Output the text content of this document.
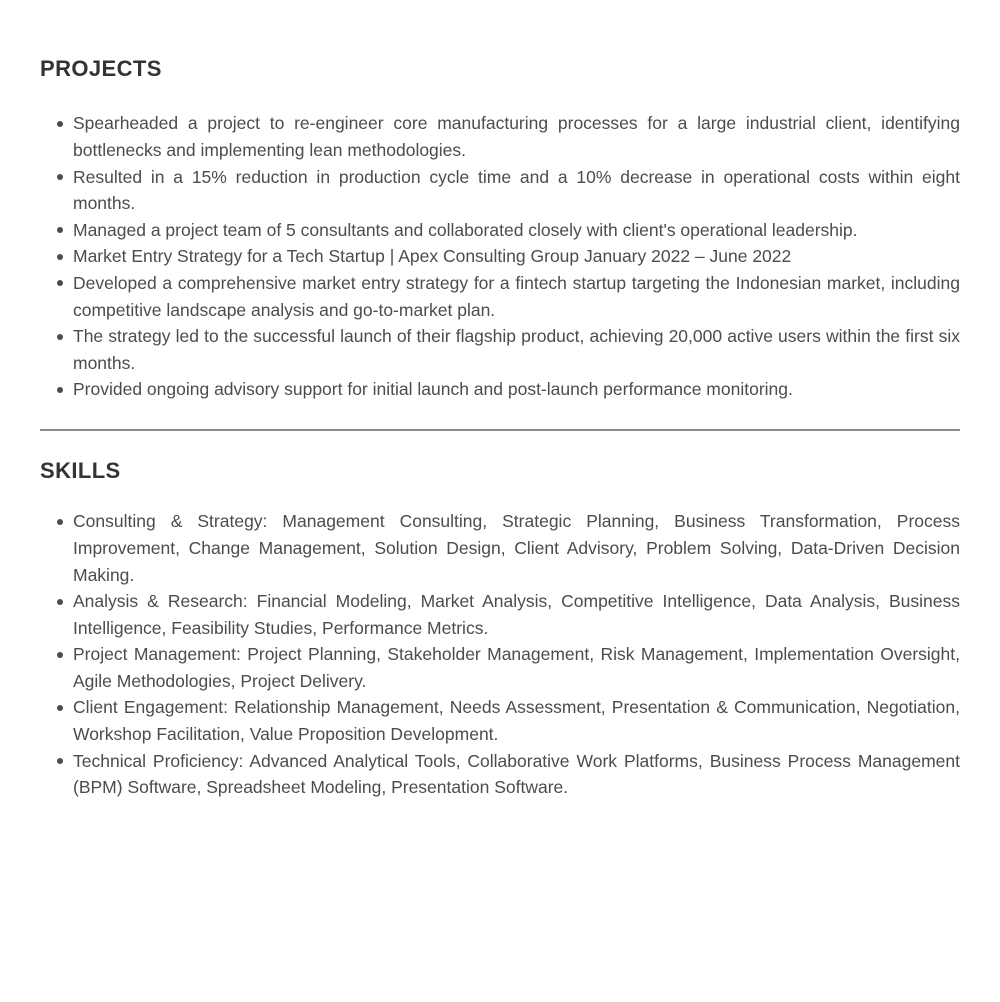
PROJECTS
Spearheaded a project to re-engineer core manufacturing processes for a large industrial client, identifying bottlenecks and implementing lean methodologies.
Resulted in a 15% reduction in production cycle time and a 10% decrease in operational costs within eight months.
Managed a project team of 5 consultants and collaborated closely with client's operational leadership.
Market Entry Strategy for a Tech Startup | Apex Consulting Group January 2022 – June 2022
Developed a comprehensive market entry strategy for a fintech startup targeting the Indonesian market, including competitive landscape analysis and go-to-market plan.
The strategy led to the successful launch of their flagship product, achieving 20,000 active users within the first six months.
Provided ongoing advisory support for initial launch and post-launch performance monitoring.
SKILLS
Consulting & Strategy: Management Consulting, Strategic Planning, Business Transformation, Process Improvement, Change Management, Solution Design, Client Advisory, Problem Solving, Data-Driven Decision Making.
Analysis & Research: Financial Modeling, Market Analysis, Competitive Intelligence, Data Analysis, Business Intelligence, Feasibility Studies, Performance Metrics.
Project Management: Project Planning, Stakeholder Management, Risk Management, Implementation Oversight, Agile Methodologies, Project Delivery.
Client Engagement: Relationship Management, Needs Assessment, Presentation & Communication, Negotiation, Workshop Facilitation, Value Proposition Development.
Technical Proficiency: Advanced Analytical Tools, Collaborative Work Platforms, Business Process Management (BPM) Software, Spreadsheet Modeling, Presentation Software.
